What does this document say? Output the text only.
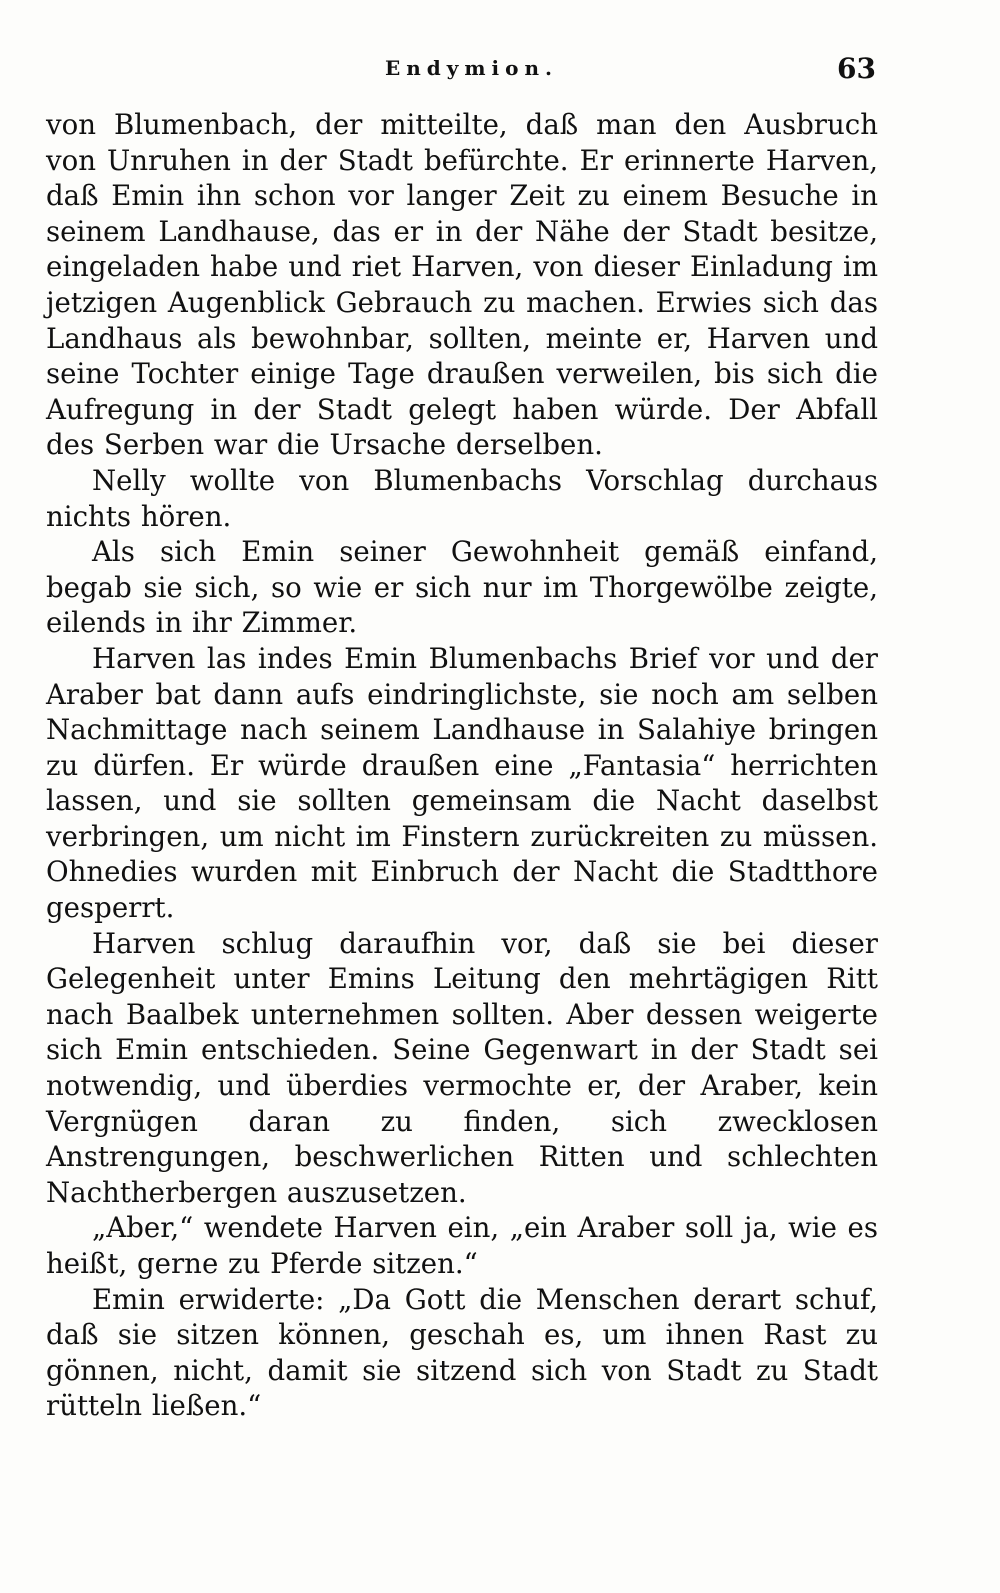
Endymion.	63

von Blumenbach, der mitteilte, daß man den Ausbruch von Unruhen in der Stadt befürchte. Er erinnerte Harven, daß Emin ihn schon vor langer Zeit zu einem Besuche in seinem Landhause, das er in der Nähe der Stadt besitze, eingeladen habe und riet Harven, von dieser Einladung im jetzigen Augenblick Gebrauch zu machen. Erwies sich das Landhaus als bewohnbar, sollten, meinte er, Harven und seine Tochter einige Tage draußen verweilen, bis sich die Aufregung in der Stadt gelegt haben würde. Der Abfall des Serben war die Ursache derselben.

Nelly wollte von Blumenbachs Vorschlag durchaus nichts hören.

Als sich Emin seiner Gewohnheit gemäß einfand, begab sie sich, so wie er sich nur im Thorgewölbe zeigte, eilends in ihr Zimmer.

Harven las indes Emin Blumenbachs Brief vor und der Araber bat dann aufs eindringlichste, sie noch am selben Nachmittage nach seinem Landhause in Salahiye bringen zu dürfen. Er würde draußen eine „Fantasia“ herrichten lassen, und sie sollten gemeinsam die Nacht daselbst verbringen, um nicht im Finstern zurückreiten zu müssen. Ohnedies wurden mit Einbruch der Nacht die Stadtthore gesperrt.

Harven schlug daraufhin vor, daß sie bei dieser Gelegenheit unter Emins Leitung den mehrtägigen Ritt nach Baalbek unternehmen sollten. Aber dessen weigerte sich Emin entschieden. Seine Gegenwart in der Stadt sei notwendig, und überdies vermochte er, der Araber, kein Vergnügen daran zu finden, sich zwecklosen Anstrengungen, beschwerlichen Ritten und schlechten Nachtherbergen auszusetzen.

„Aber,“ wendete Harven ein, „ein Araber soll ja, wie es heißt, gerne zu Pferde sitzen.“

Emin erwiderte: „Da Gott die Menschen derart schuf, daß sie sitzen können, geschah es, um ihnen Rast zu gönnen, nicht, damit sie sitzend sich von Stadt zu Stadt rütteln ließen.“
